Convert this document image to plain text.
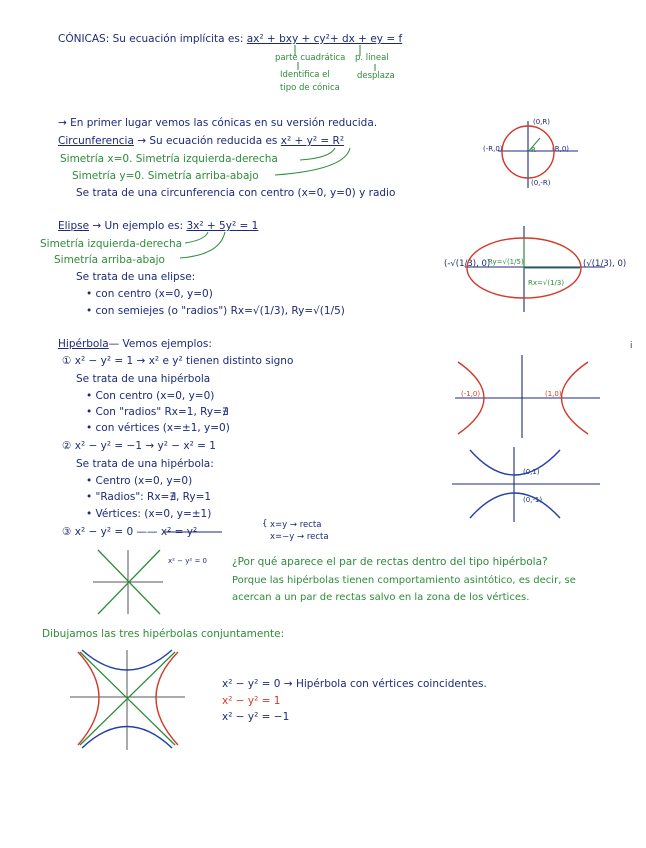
CÓNICAS: Su ecuación implícita es: ax² + bxy + cy²+ dx + ey = f
parte cuadrática p. lineal
Identifica el
tipo de cónica
desplaza
→ En primer lugar vemos las cónicas en su versión reducida.
Circunferencia → Su ecuación reducida es x² + y² = R²
Simetría x=0. Simetría izquierda-derecha
Simetría y=0. Simetría arriba-abajo
Se trata de una circunferencia con centro (x=0, y=0) y radio
(0,R)
(-R,0)	(R,0)
(0,-R)
R
Elipse → Un ejemplo es: 3x² + 5y² = 1
Simetría izquierda-derecha
Simetría arriba-abajo
Se trata de una elipse:
• con centro (x=0, y=0)
• con semiejes (o "radios") Rx=√(1/3), Ry=√(1/5)
(-√(1/3), 0)	(√(1/3), 0)
Ry=√(1/5)
Rx=√(1/3)
i
Hipérbola— Vemos ejemplos:
① x² − y² = 1 → x² e y² tienen distinto signo
Se trata de una hipérbola
• Con centro (x=0, y=0)
• Con "radios" Rx=1, Ry=∄
• con vértices (x=±1, y=0)
② x² − y² = −1 → y² − x² = 1
Se trata de una hipérbola:
• Centro (x=0, y=0)
• "Radios": Rx=∄, Ry=1
• Vértices: (x=0, y=±1)
③ x² − y² = 0 —— x² = y²
{ x=y → recta
x=−y → recta
(-1,0)	(1,0)
(0,1)
(0,-1)
x² − y² = 0 ¿Por qué aparece el par de rectas dentro del tipo hipérbola?
Porque las hipérbolas tienen comportamiento asintótico, es decir, se
acercan a un par de rectas salvo en la zona de los vértices.
Dibujamos las tres hipérbolas conjuntamente:
x² − y² = 0 → Hipérbola con vértices coincidentes.
x² − y² = 1
x² − y² = −1
